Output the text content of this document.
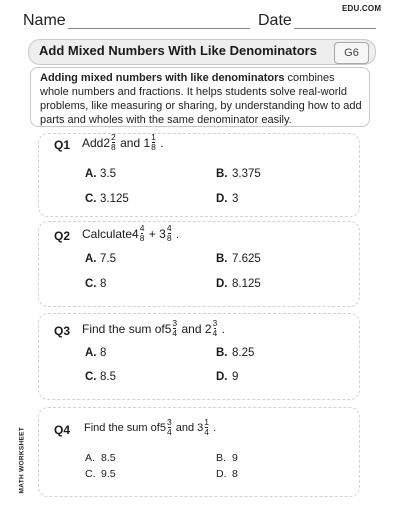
Name	Date
EDU.COM
Add Mixed Numbers With Like Denominators	G6
Adding mixed numbers with like denominators combines whole numbers and fractions. It helps students solve real-world problems, like measuring or sharing, by understanding how to add parts and wholes with the same denominator easily.
Q1 $Add2 \frac{2}{8}$ and $1 \frac{1}{8}$ .
A. 3.5	B. 3.375
C. 3.125	D. 3
Q2 Calculate4 $\frac{4}{8} + 3 \frac{4}{8}$ .
A. 7.5	B. 7.625
C. 8	D. 8.125
Q3 Find the sum $of5 \frac{3}{4}$ and $2 \frac{3}{4}$ .
A. 8	B. 8.25
C. 8.5	D. 9
Q4 Find the sum $of5 \frac{3}{4}$ and $3 \frac{1}{4}$ .
A. 8.5	B. 9
C. 9.5	D. 8
MATH WORKSHEET
